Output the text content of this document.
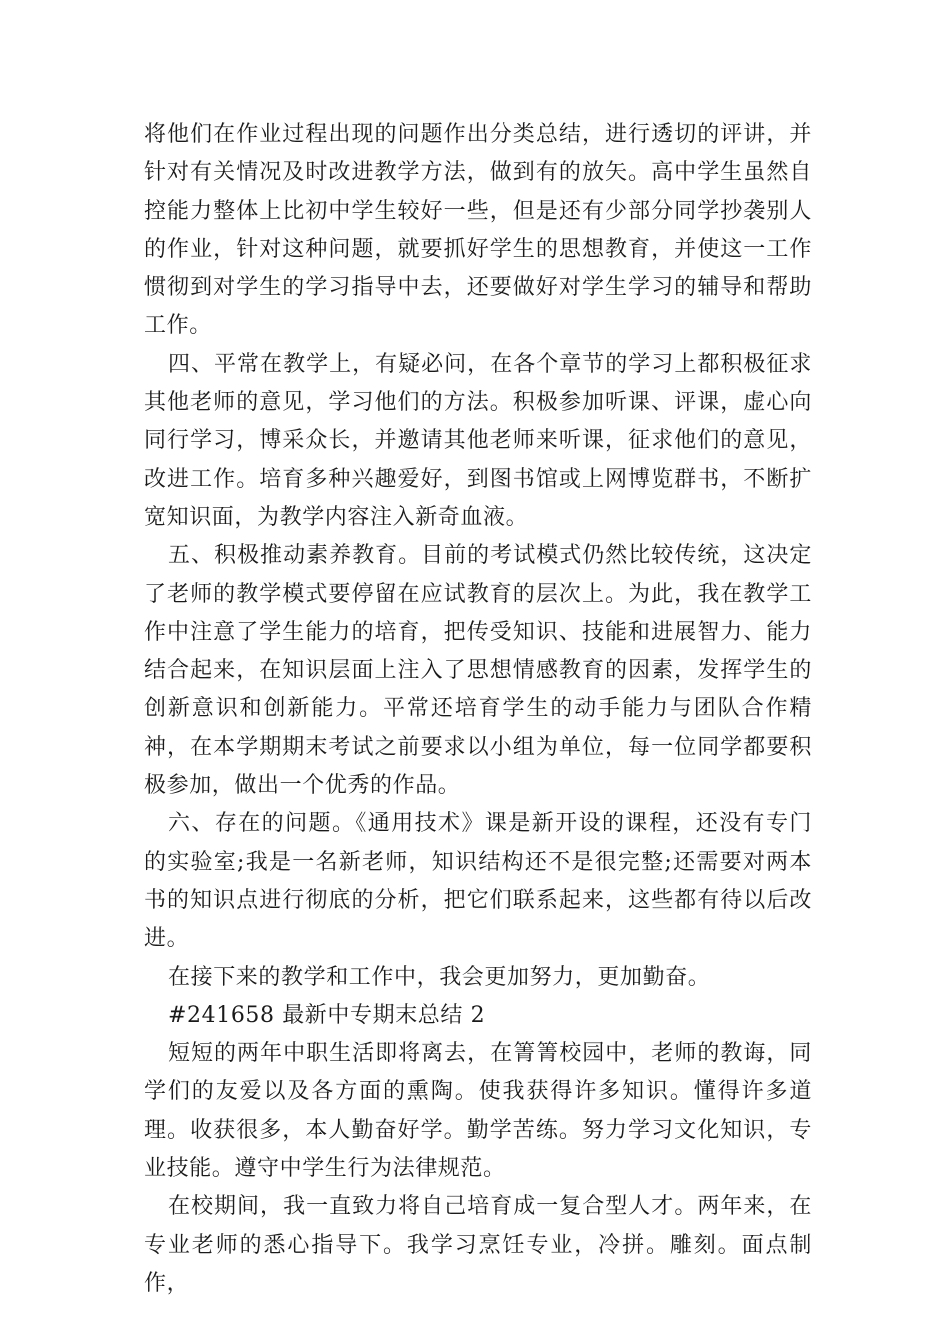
将他们在作业过程出现的问题作出分类总结，进行透切的评讲，并针对有关情况及时改进教学方法，做到有的放矢。高中学生虽然自控能力整体上比初中学生较好一些，但是还有少部分同学抄袭别人的作业，针对这种问题，就要抓好学生的思想教育，并使这一工作惯彻到对学生的学习指导中去，还要做好对学生学习的辅导和帮助工作。

四、平常在教学上，有疑必问，在各个章节的学习上都积极征求其他老师的意见，学习他们的方法。积极参加听课、评课，虚心向同行学习，博采众长，并邀请其他老师来听课，征求他们的意见，改进工作。培育多种兴趣爱好，到图书馆或上网博览群书，不断扩宽知识面，为教学内容注入新奇血液。

五、积极推动素养教育。目前的考试模式仍然比较传统，这决定了老师的教学模式要停留在应试教育的层次上。为此，我在教学工作中注意了学生能力的培育，把传受知识、技能和进展智力、能力结合起来，在知识层面上注入了思想情感教育的因素，发挥学生的创新意识和创新能力。平常还培育学生的动手能力与团队合作精神，在本学期期末考试之前要求以小组为单位，每一位同学都要积极参加，做出一个优秀的作品。

六、存在的问题。《通用技术》课是新开设的课程，还没有专门的实验室;我是一名新老师，知识结构还不是很完整;还需要对两本书的知识点进行彻底的分析，把它们联系起来，这些都有待以后改进。

在接下来的教学和工作中，我会更加努力，更加勤奋。

#241658 最新中专期末总结 2

短短的两年中职生活即将离去，在箐箐校园中，老师的教诲，同学们的友爱以及各方面的熏陶。使我获得许多知识。懂得许多道理。收获很多，本人勤奋好学。勤学苦练。努力学习文化知识，专业技能。遵守中学生行为法律规范。

在校期间，我一直致力将自己培育成一复合型人才。两年来，在专业老师的悉心指导下。我学习烹饪专业，冷拼。雕刻。面点制作，
